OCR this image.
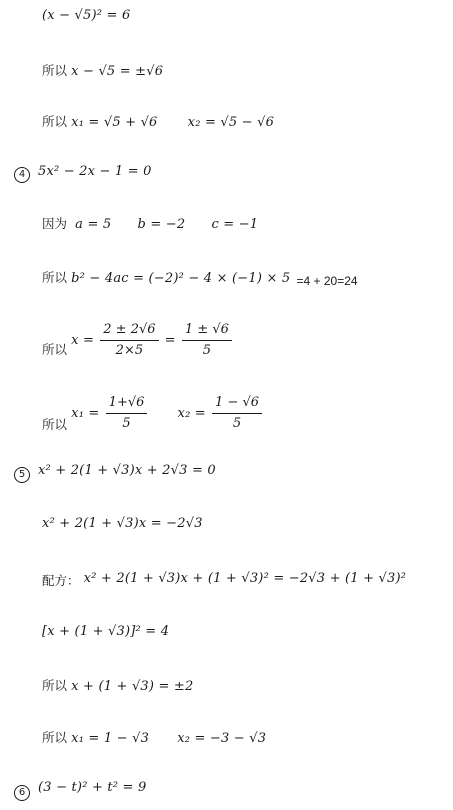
(x − √5)² = 6
所以 x − √5 = ±√6
所以 x₁ = √5 + √6 x₂ = √5 − √6
4 5x² − 2x − 1 = 0
因为 a = 5 b = −2 c = −1
所以 b² − 4ac = (−2)² − 4 × (−1) × 5 =4 + 20=24
所以 $x = \frac{2 \pm 2√6}{2\times 5} = \frac{1 \pm √6}{5}$
所以 $x_1 = \frac{1+√6}{5} x_2 = \frac{1 - √6}{5}$
5 x² + 2(1 + √3)x + 2√3 = 0
x² + 2(1 + √3)x = −2√3
配方： x² + 2(1 + √3)x + (1 + √3)² = −2√3 + (1 + √3)²
[x + (1 + √3)]² = 4
所以 x + (1 + √3) = ±2
所以 x₁ = 1 − √3 x₂ = −3 − √3
6 (3 − t)² + t² = 9
